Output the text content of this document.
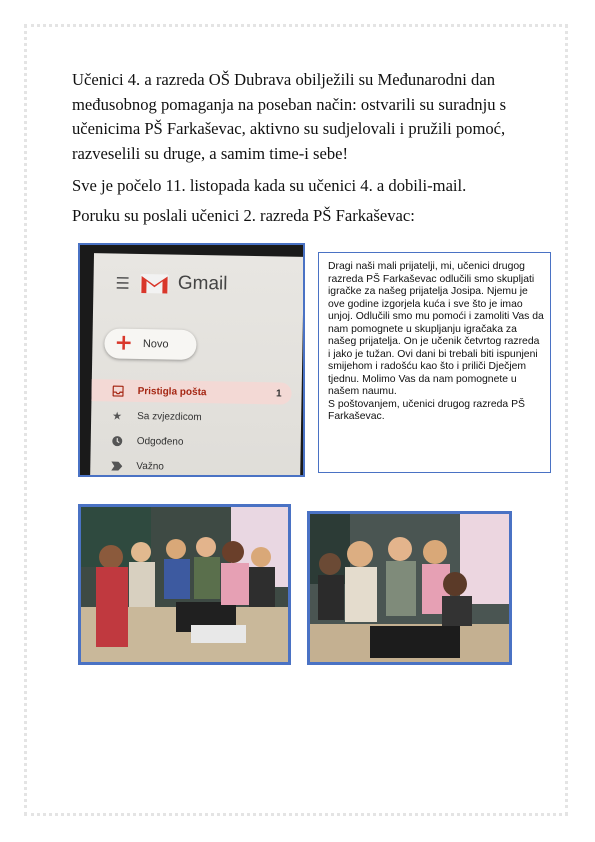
Učenici 4. a razreda OŠ Dubrava obilježili su Međunarodni dan međusobnog pomaganja na poseban način: ostvarili su suradnju s učenicima PŠ Farkaševac, aktivno su sudjelovali i pružili pomoć, razveselili su druge, a samim time-i sebe!

Sve je počelo 11. listopada kada su učenici 4. a dobili-mail.

Poruku su poslali učenici 2. razreda PŠ Farkaševac:

☰	Gmail
+ Novo
Pristigla pošta	1
★ Sa zvjezdicom
Odgođeno
Važno
Dragi naši mali prijatelji, mi, učenici drugog razreda PŠ Farkaševac odlučili smo skupljati igračke za našeg prijatelja Josipa. Njemu je ove godine izgorjela kuća i sve što je imao unjoj. Odlučili smo mu pomoći i zamoliti Vas da nam pomognete u skupljanju igračaka za našeg prijatelja. On je učenik četvrtog razreda i jako je tužan. Ovi dani bi trebali biti ispunjeni smijehom i radošću kao što i priliči Dječjem tjednu. Molimo Vas da nam pomognete u našem naumu.
S poštovanjem, učenici drugog razreda PŠ Farkaševac.
